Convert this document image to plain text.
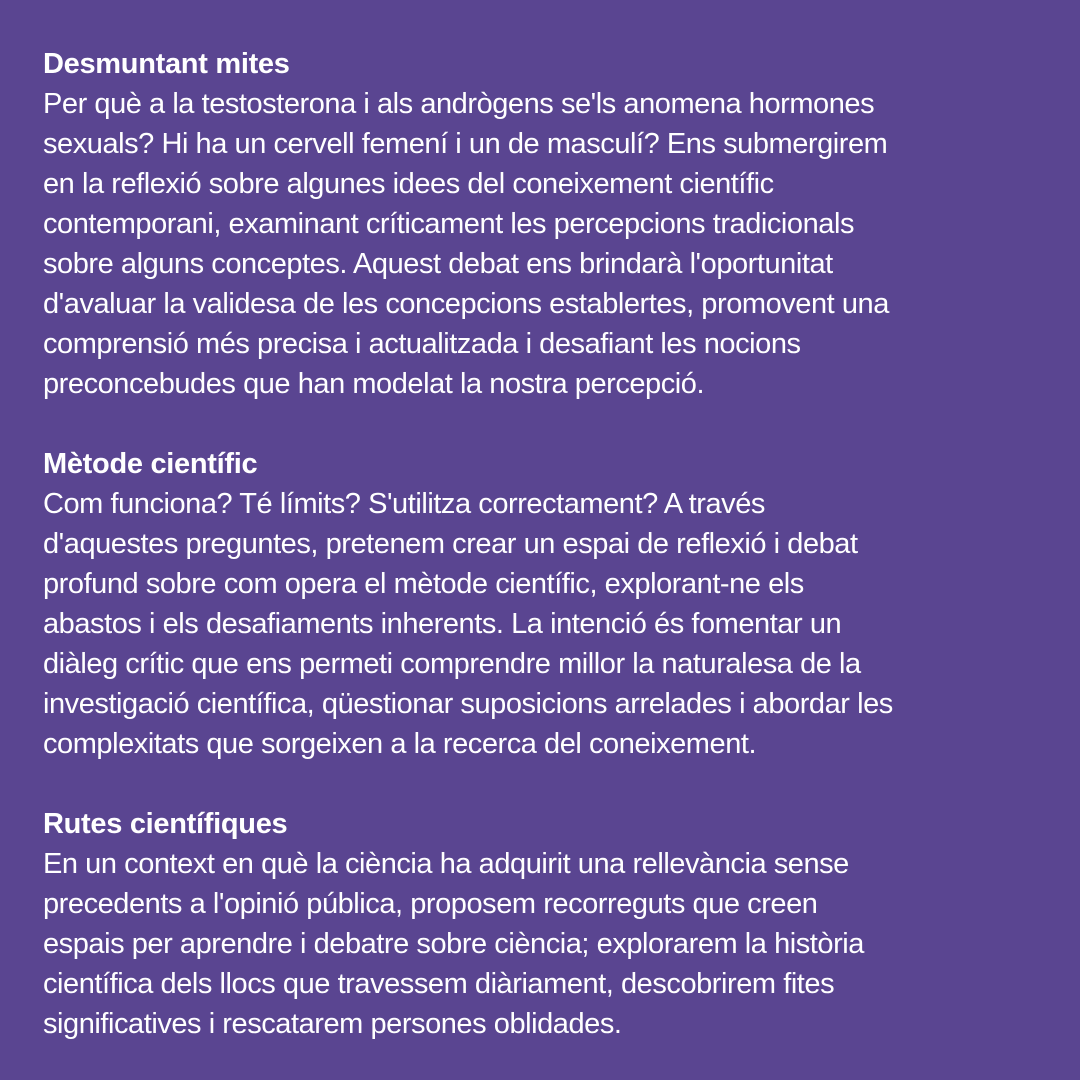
Desmuntant mites

Per què a la testosterona i als andrògens se'ls anomena hormones
sexuals? Hi ha un cervell femení i un de masculí? Ens submergirem
en la reflexió sobre algunes idees del coneixement científic
contemporani, examinant críticament les percepcions tradicionals
sobre alguns conceptes. Aquest debat ens brindarà l'oportunitat
d'avaluar la validesa de les concepcions establertes, promovent una
comprensió més precisa i actualitzada i desafiant les nocions
preconcebudes que han modelat la nostra percepció.

Mètode científic

Com funciona? Té límits? S'utilitza correctament? A través
d'aquestes preguntes, pretenem crear un espai de reflexió i debat
profund sobre com opera el mètode científic, explorant-ne els
abastos i els desafiaments inherents. La intenció és fomentar un
diàleg crític que ens permeti comprendre millor la naturalesa de la
investigació científica, qüestionar suposicions arrelades i abordar les
complexitats que sorgeixen a la recerca del coneixement.

Rutes científiques

En un context en què la ciència ha adquirit una rellevància sense
precedents a l'opinió pública, proposem recorreguts que creen
espais per aprendre i debatre sobre ciència; explorarem la història
científica dels llocs que travessem diàriament, descobrirem fites
significatives i rescatarem persones oblidades.
